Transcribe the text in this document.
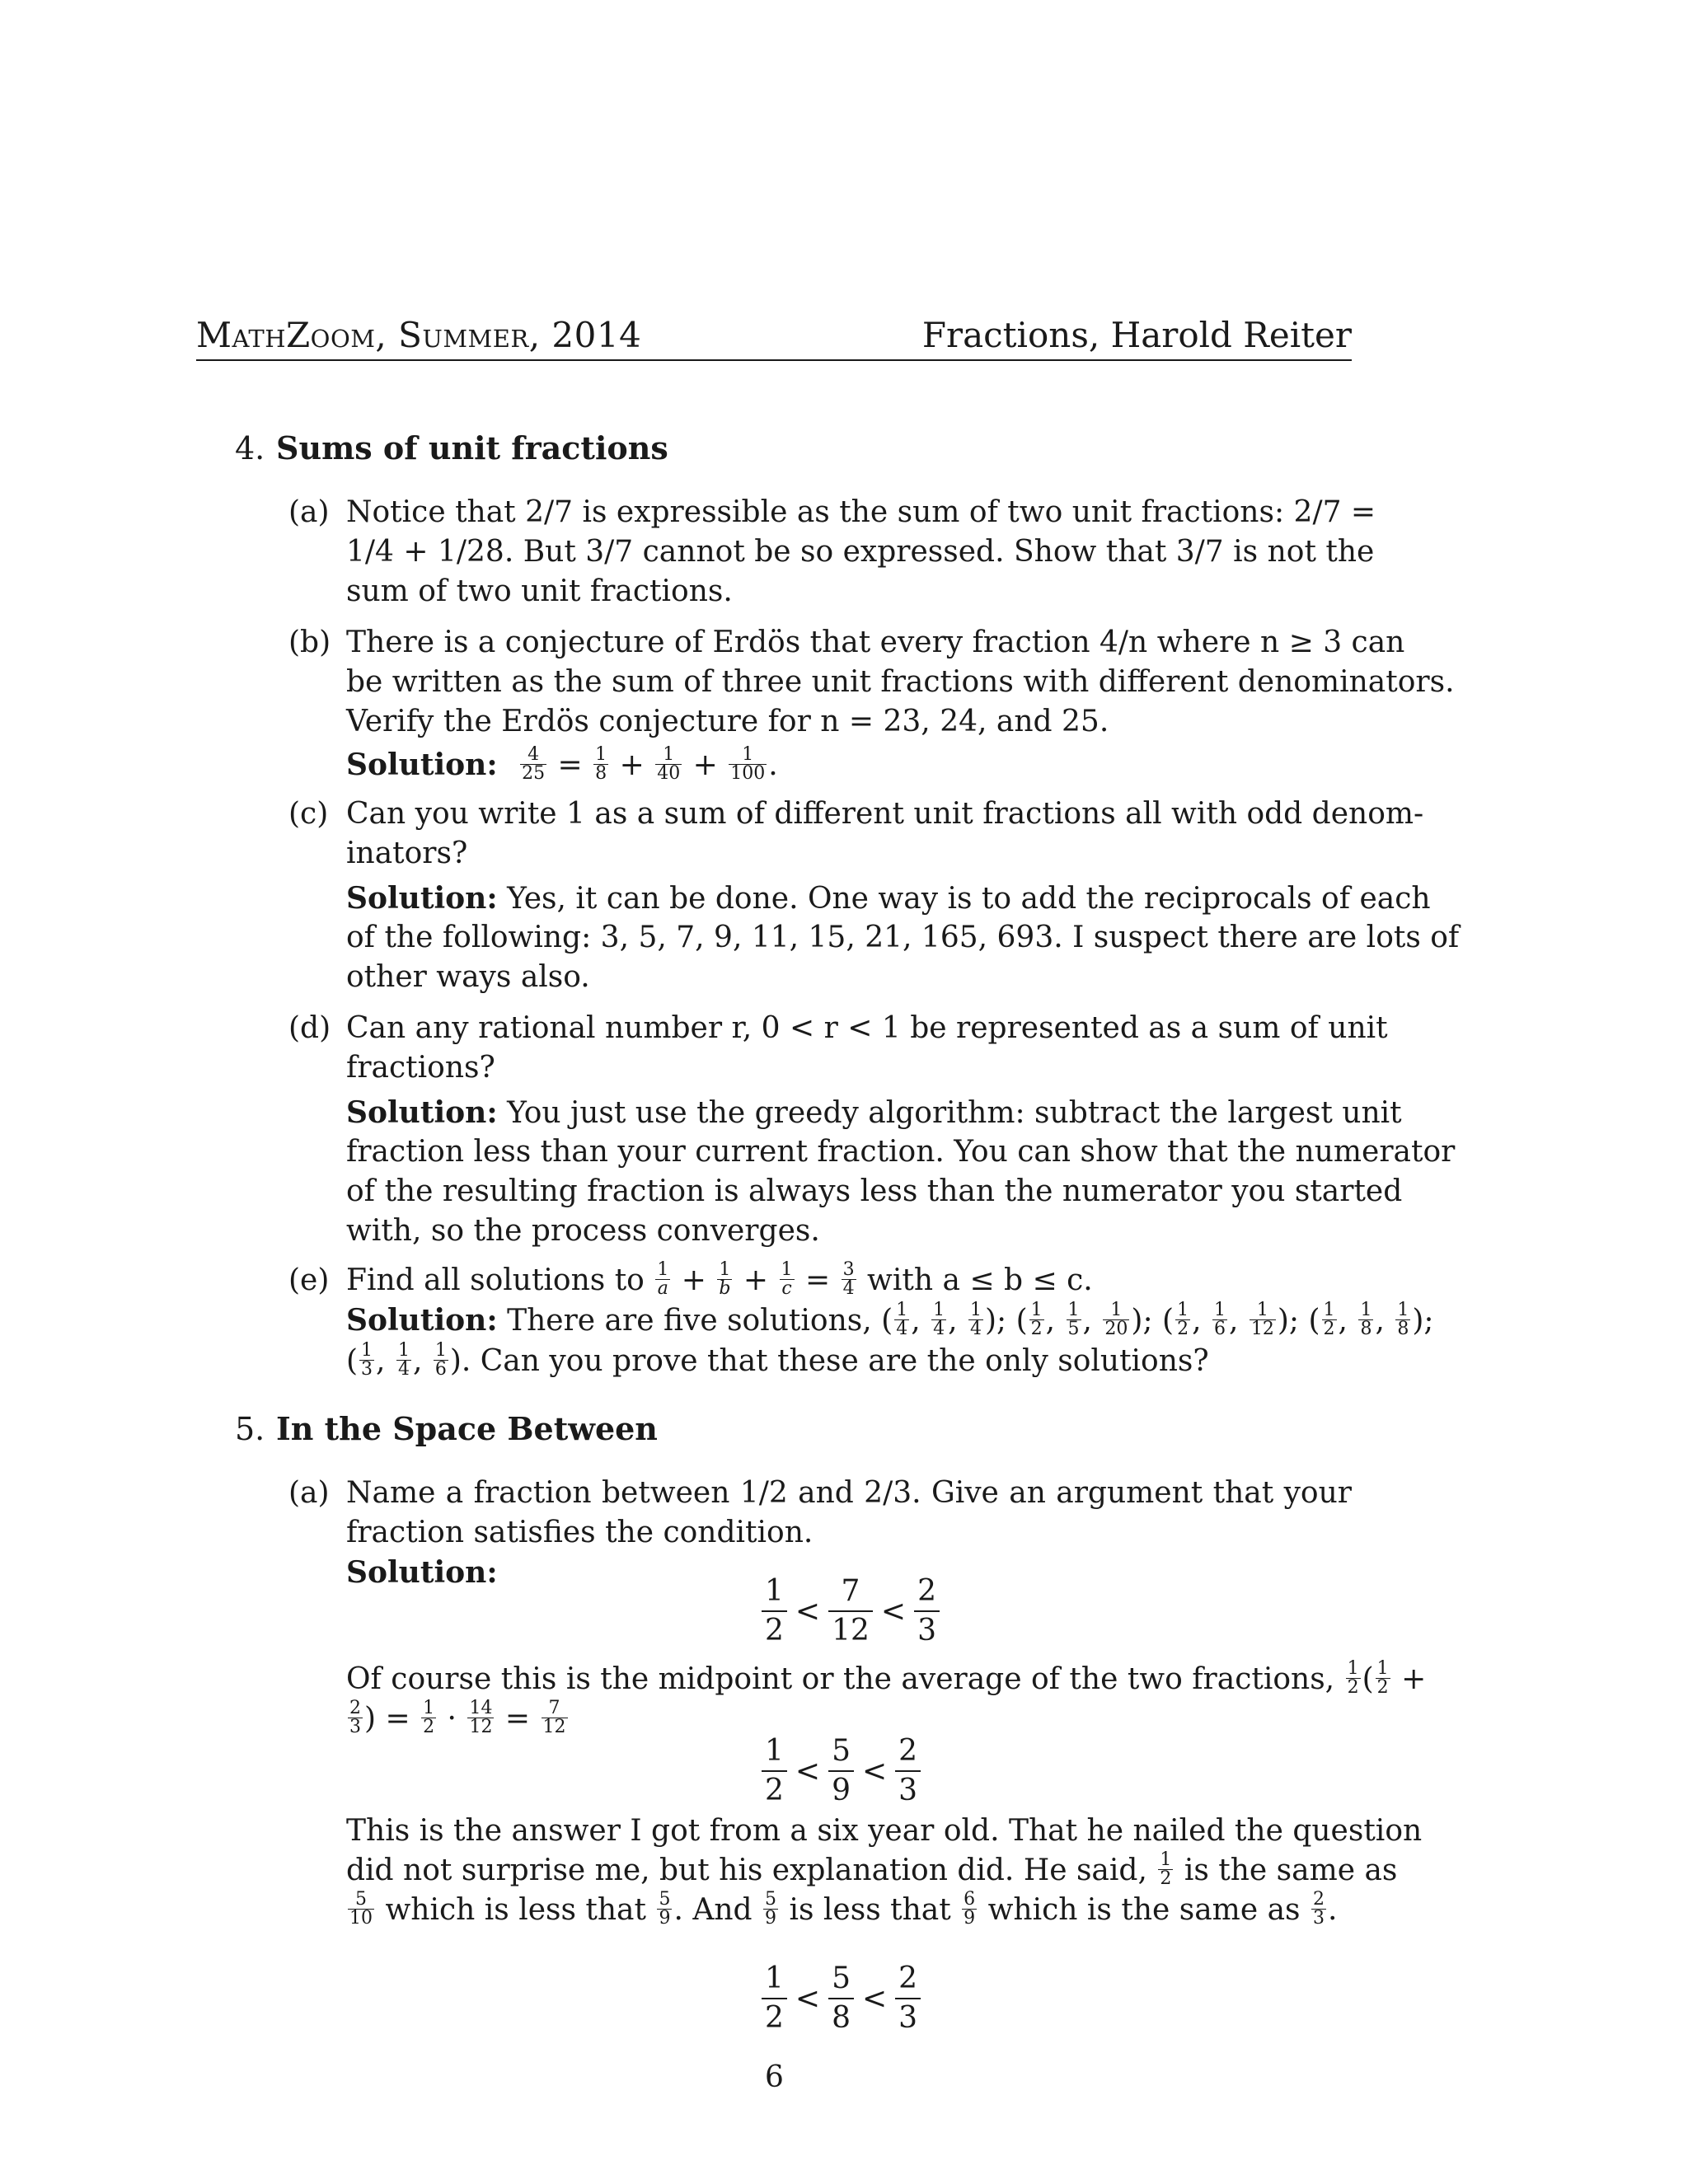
MathZoom, Summer, 2014	Fractions, Harold Reiter
4. Sums of unit fractions
(a) Notice that 2/7 is expressible as the sum of two unit fractions: 2/7 =
1/4 + 1/28. But 3/7 cannot be so expressed. Show that 3/7 is not the
sum of two unit fractions.
(b) There is a conjecture of Erdös that every fraction 4/n where n ≥ 3 can
be written as the sum of three unit fractions with different denominators.
Verify the Erdös conjecture for n = 23, 24, and 25.
Solution: $\frac{4}{25} = \frac{1}{8} + \frac{1}{40} + \frac{1}{100}$ .
(c) Can you write 1 as a sum of different unit fractions all with odd denom-
inators?
Solution: Yes, it can be done. One way is to add the reciprocals of each
of the following: 3, 5, 7, 9, 11, 15, 21, 165, 693. I suspect there are lots of
other ways also.
(d) Can any rational number r, 0 < r < 1 be represented as a sum of unit
fractions?
Solution: You just use the greedy algorithm: subtract the largest unit
fraction less than your current fraction. You can show that the numerator
of the resulting fraction is always less than the numerator you started
with, so the process converges.
(e) Find all solutions to $\frac{1}{a} + \frac{1}{b} + \frac{1}{c} = \frac{3}{4}$ with a ≤ b ≤ c.
Solution: There are five solutions, ( $\frac{1}{4}$ , $\frac{1}{4}$ , $\frac{1}{4}$ ); ( $\frac{1}{2}$ , $\frac{1}{5}$ , $\frac{1}{20}$ ); ( $\frac{1}{2}$ , $\frac{1}{6}$ , $\frac{1}{12}$ ); ( $\frac{1}{2}$ , $\frac{1}{8}$ , $\frac{1}{8}$ );
( $\frac{1}{3}$ , $\frac{1}{4}$ , $\frac{1}{6}$ ). Can you prove that these are the only solutions?
5. In the Space Between
(a) Name a fraction between 1/2 and 2/3. Give an argument that your
fraction satisfies the condition.
Solution:	$\frac{1}{2} < \frac{7}{12} < \frac{2}{3}$
Of course this is the midpoint or the average of the two fractions, $\frac{1}{2}$ ( $\frac{1}{2}$ +
$\frac{2}{3}$ ) = $\frac{1}{2} \cdot \frac{14}{12} = \frac{7}{12}$
$\frac{1}{2} < \frac{5}{9} < \frac{2}{3}$
This is the answer I got from a six year old. That he nailed the question
did not surprise me, but his explanation did. He said, $\frac{1}{2}$ is the same as
$\frac{5}{10}$ which is less that $\frac{5}{9}$ . And $\frac{5}{9}$ is less that $\frac{6}{9}$ which is the same as $\frac{2}{3}$ .
$\frac{1}{2} < \frac{5}{8} < \frac{2}{3}$
6
